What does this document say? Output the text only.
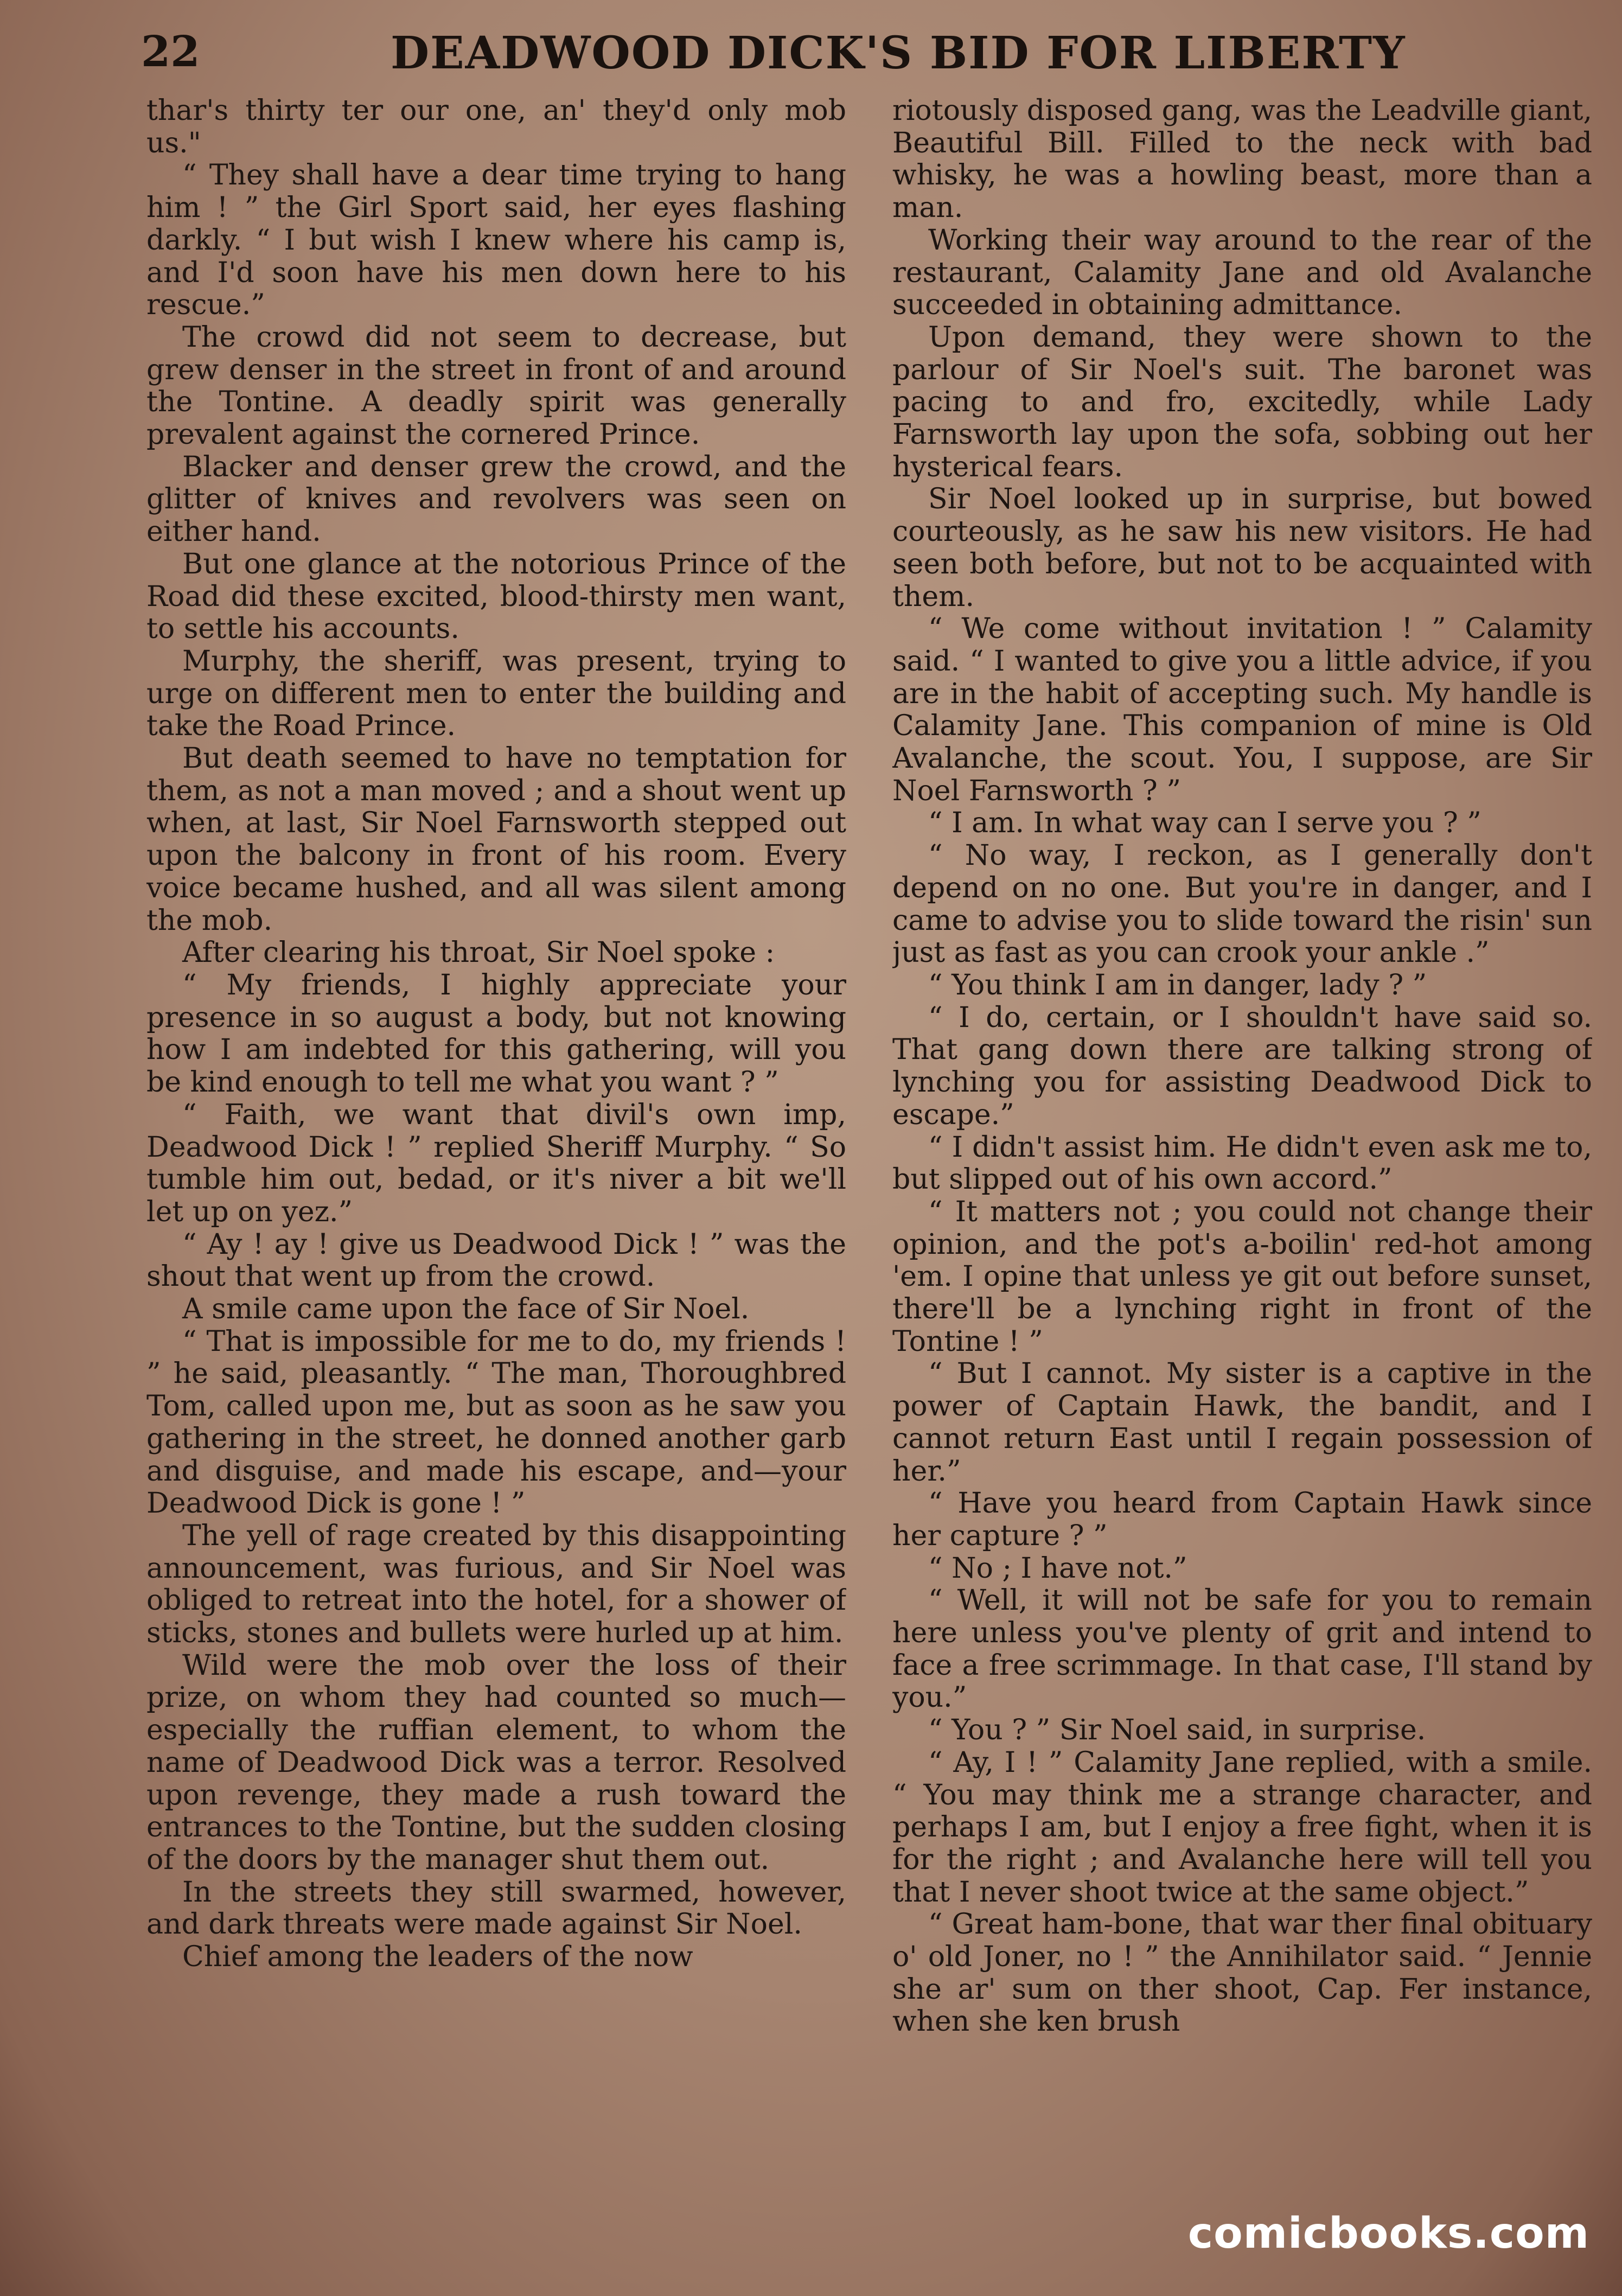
22	DEADWOOD DICK'S BID FOR LIBERTY

thar's thirty ter our one, an' they'd only mob us."

“ They shall have a dear time trying to hang him ! ” the Girl Sport said, her eyes flashing darkly. “ I but wish I knew where his camp is, and I'd soon have his men down here to his rescue.”

The crowd did not seem to decrease, but grew denser in the street in front of and around the Tontine. A deadly spirit was generally prevalent against the cornered Prince.

Blacker and denser grew the crowd, and the glitter of knives and revolvers was seen on either hand.

But one glance at the notorious Prince of the Road did these excited, blood-thirsty men want, to settle his accounts.

Murphy, the sheriff, was present, trying to urge on different men to enter the building and take the Road Prince.

But death seemed to have no temptation for them, as not a man moved ; and a shout went up when, at last, Sir Noel Farnsworth stepped out upon the balcony in front of his room. Every voice became hushed, and all was silent among the mob.

After clearing his throat, Sir Noel spoke :

“ My friends, I highly appreciate your presence in so august a body, but not knowing how I am indebted for this gathering, will you be kind enough to tell me what you want ? ”

“ Faith, we want that divil's own imp, Deadwood Dick ! ” replied Sheriff Murphy. “ So tumble him out, bedad, or it's niver a bit we'll let up on yez.”

“ Ay ! ay ! give us Deadwood Dick ! ” was the shout that went up from the crowd.

A smile came upon the face of Sir Noel.

“ That is impossible for me to do, my friends ! ” he said, pleasantly. “ The man, Thoroughbred Tom, called upon me, but as soon as he saw you gathering in the street, he donned another garb and disguise, and made his escape, and—your Deadwood Dick is gone ! ”

The yell of rage created by this disappointing announcement, was furious, and Sir Noel was obliged to retreat into the hotel, for a shower of sticks, stones and bullets were hurled up at him.

Wild were the mob over the loss of their prize, on whom they had counted so much—especially the ruffian element, to whom the name of Deadwood Dick was a terror. Resolved upon revenge, they made a rush toward the entrances to the Tontine, but the sudden closing of the doors by the manager shut them out.

In the streets they still swarmed, however, and dark threats were made against Sir Noel.

Chief among the leaders of the now

riotously disposed gang, was the Leadville giant, Beautiful Bill. Filled to the neck with bad whisky, he was a howling beast, more than a man.

Working their way around to the rear of the restaurant, Calamity Jane and old Avalanche succeeded in obtaining admittance.

Upon demand, they were shown to the parlour of Sir Noel's suit. The baronet was pacing to and fro, excitedly, while Lady Farnsworth lay upon the sofa, sobbing out her hysterical fears.

Sir Noel looked up in surprise, but bowed courteously, as he saw his new visitors. He had seen both before, but not to be acquainted with them.

“ We come without invitation ! ” Calamity said. “ I wanted to give you a little advice, if you are in the habit of accepting such. My handle is Calamity Jane. This companion of mine is Old Avalanche, the scout. You, I suppose, are Sir Noel Farnsworth ? ”

“ I am. In what way can I serve you ? ”

“ No way, I reckon, as I generally don't depend on no one. But you're in danger, and I came to advise you to slide toward the risin' sun just as fast as you can crook your ankle .”

“ You think I am in danger, lady ? ”

“ I do, certain, or I shouldn't have said so. That gang down there are talking strong of lynching you for assisting Deadwood Dick to escape.”

“ I didn't assist him. He didn't even ask me to, but slipped out of his own accord.”

“ It matters not ; you could not change their opinion, and the pot's a-boilin' red-hot among 'em. I opine that unless ye git out before sunset, there'll be a lynching right in front of the Tontine ! ”

“ But I cannot. My sister is a captive in the power of Captain Hawk, the bandit, and I cannot return East until I regain possession of her.”

“ Have you heard from Captain Hawk since her capture ? ”

“ No ; I have not.”

“ Well, it will not be safe for you to remain here unless you've plenty of grit and intend to face a free scrimmage. In that case, I'll stand by you.”

“ You ? ” Sir Noel said, in surprise.

“ Ay, I ! ” Calamity Jane replied, with a smile. “ You may think me a strange character, and perhaps I am, but I enjoy a free fight, when it is for the right ; and Avalanche here will tell you that I never shoot twice at the same object.”

“ Great ham-bone, that war ther final obituary o' old Joner, no ! ” the Annihilator said. “ Jennie she ar' sum on ther shoot, Cap. Fer instance, when she ken brush

comicbooks.com
